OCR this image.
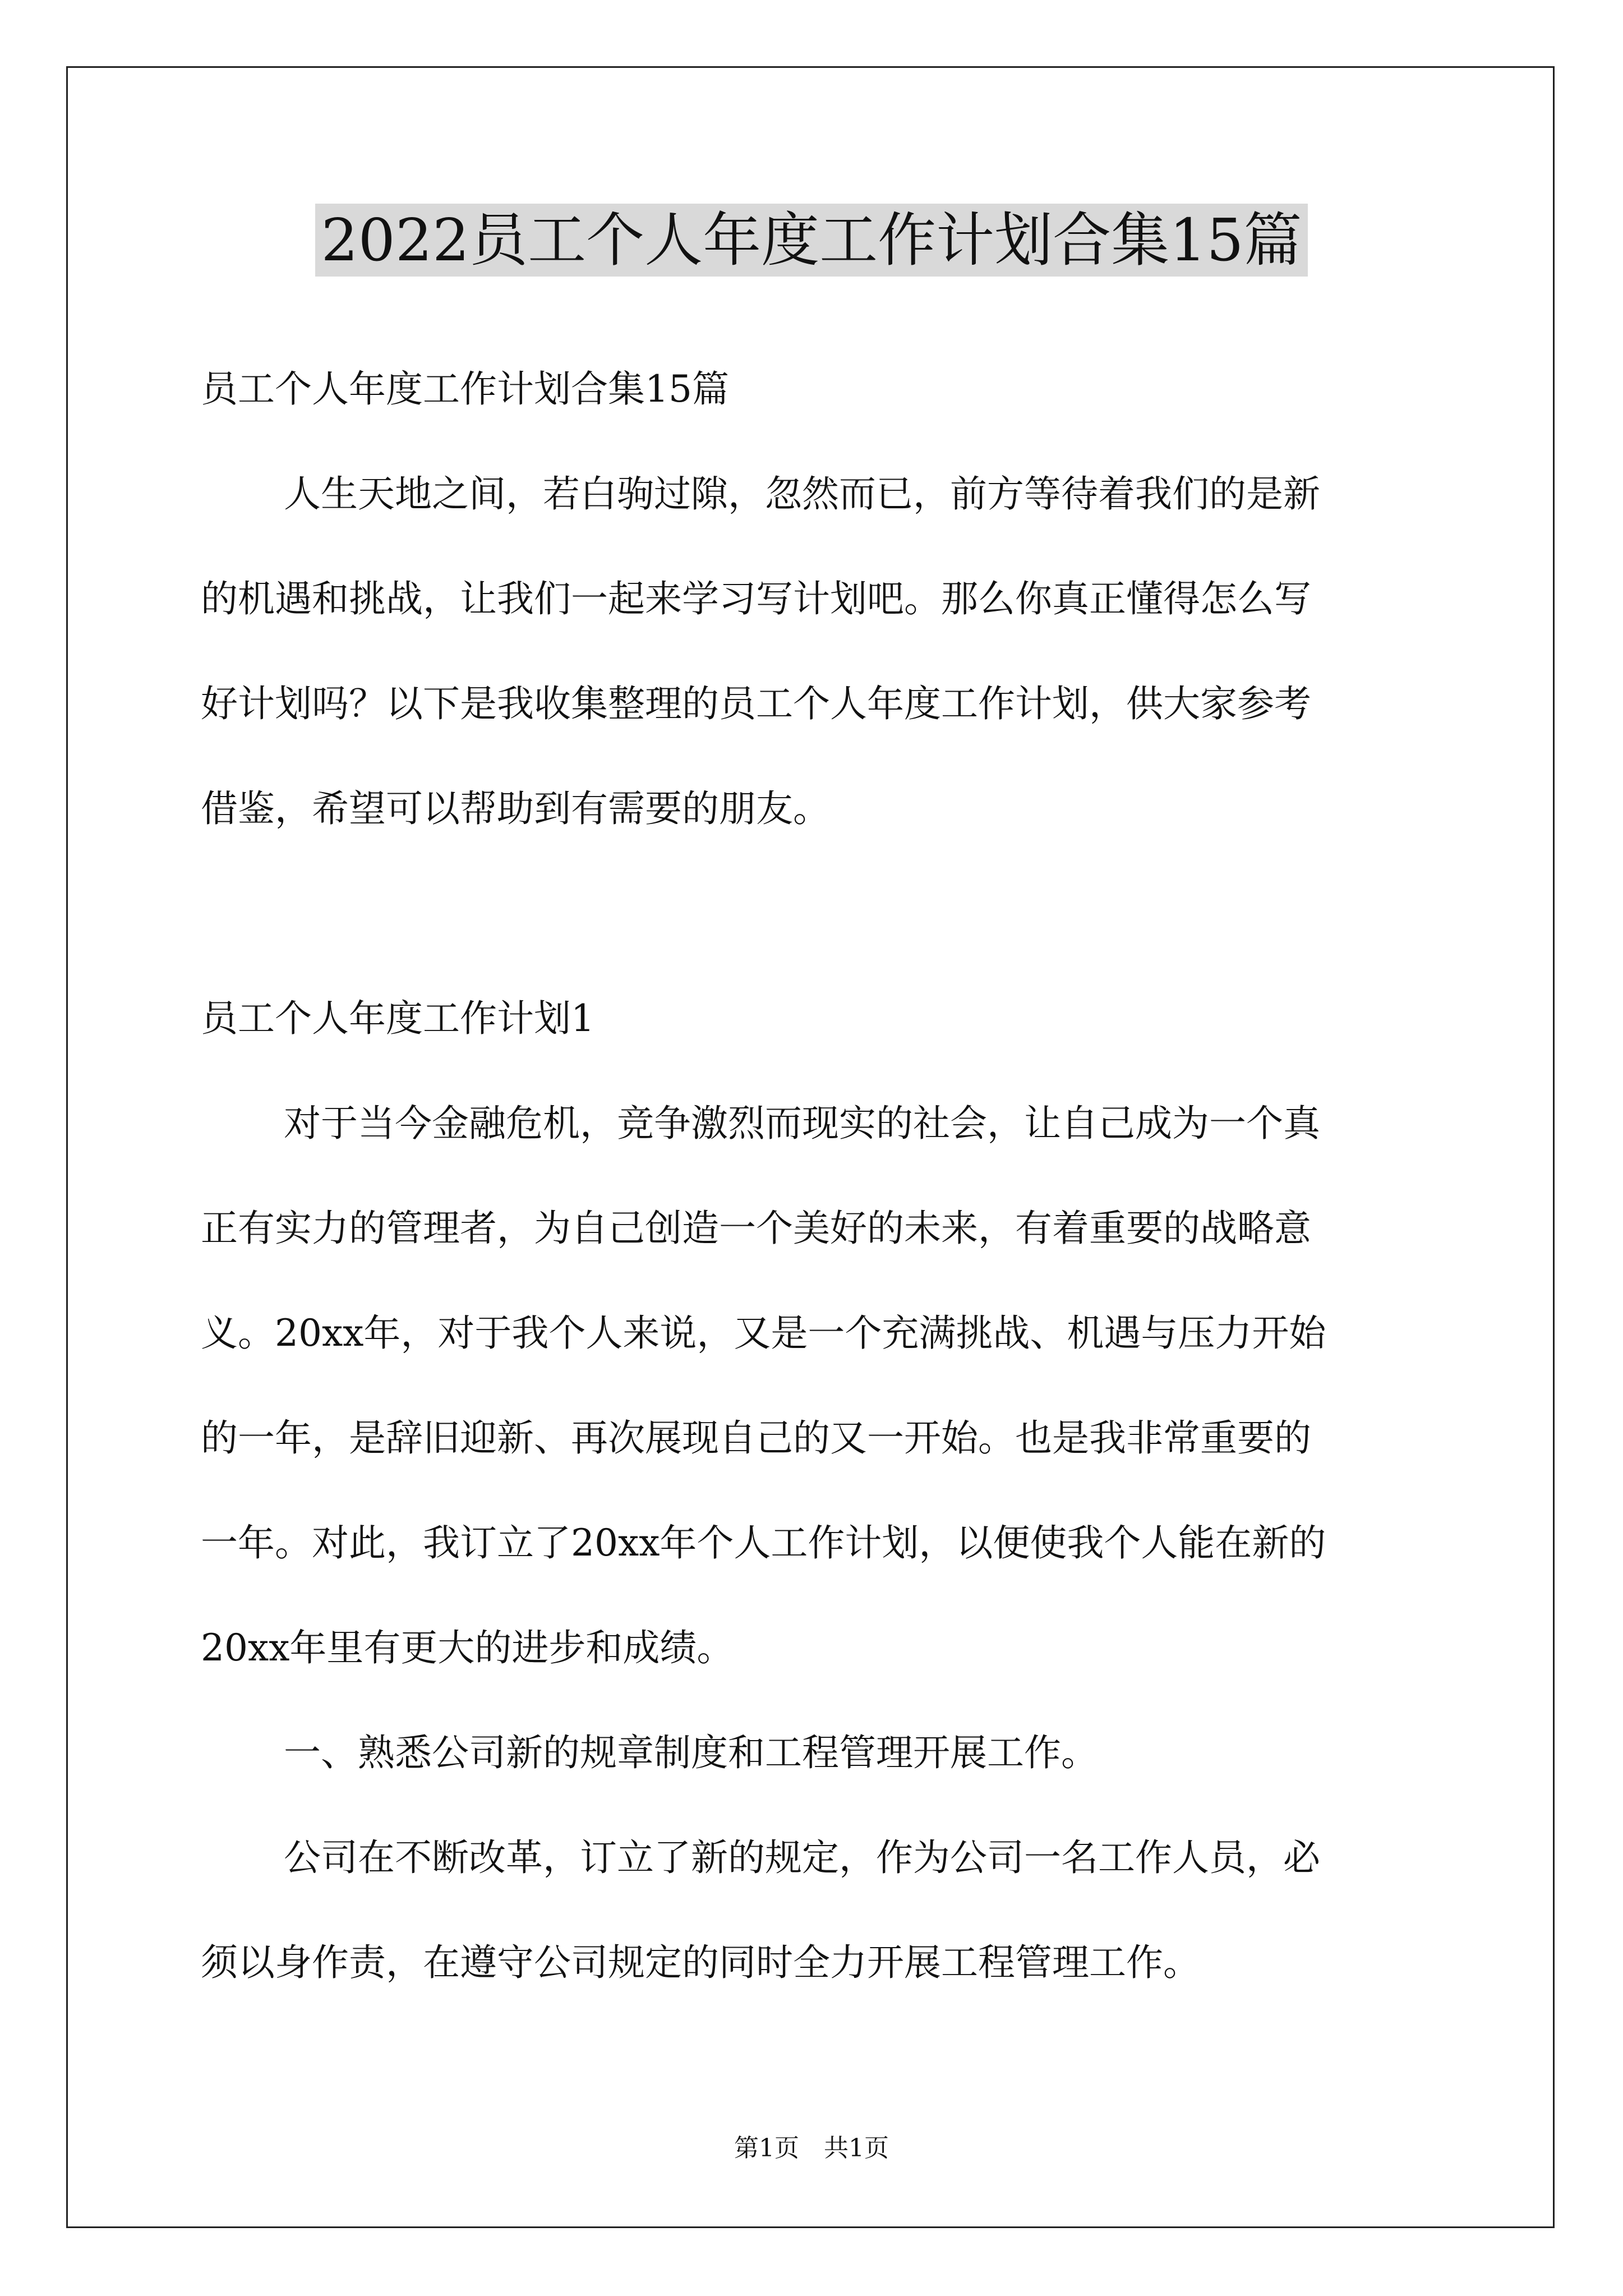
2022员工个人年度工作计划合集15篇

员工个人年度工作计划合集15篇

人生天地之间，若白驹过隙，忽然而已，前方等待着我们的是新

的机遇和挑战，让我们一起来学习写计划吧。那么你真正懂得怎么写

好计划吗？以下是我收集整理的员工个人年度工作计划，供大家参考

借鉴，希望可以帮助到有需要的朋友。

员工个人年度工作计划1

对于当今金融危机，竞争激烈而现实的社会，让自己成为一个真

正有实力的管理者，为自己创造一个美好的未来，有着重要的战略意

义。20xx年，对于我个人来说，又是一个充满挑战、机遇与压力开始

的一年，是辞旧迎新、再次展现自己的又一开始。也是我非常重要的

一年。对此，我订立了20xx年个人工作计划，以便使我个人能在新的

20xx年里有更大的进步和成绩。

一、熟悉公司新的规章制度和工程管理开展工作。

公司在不断改革，订立了新的规定，作为公司一名工作人员，必

须以身作责，在遵守公司规定的同时全力开展工程管理工作。

第1页　共1页
